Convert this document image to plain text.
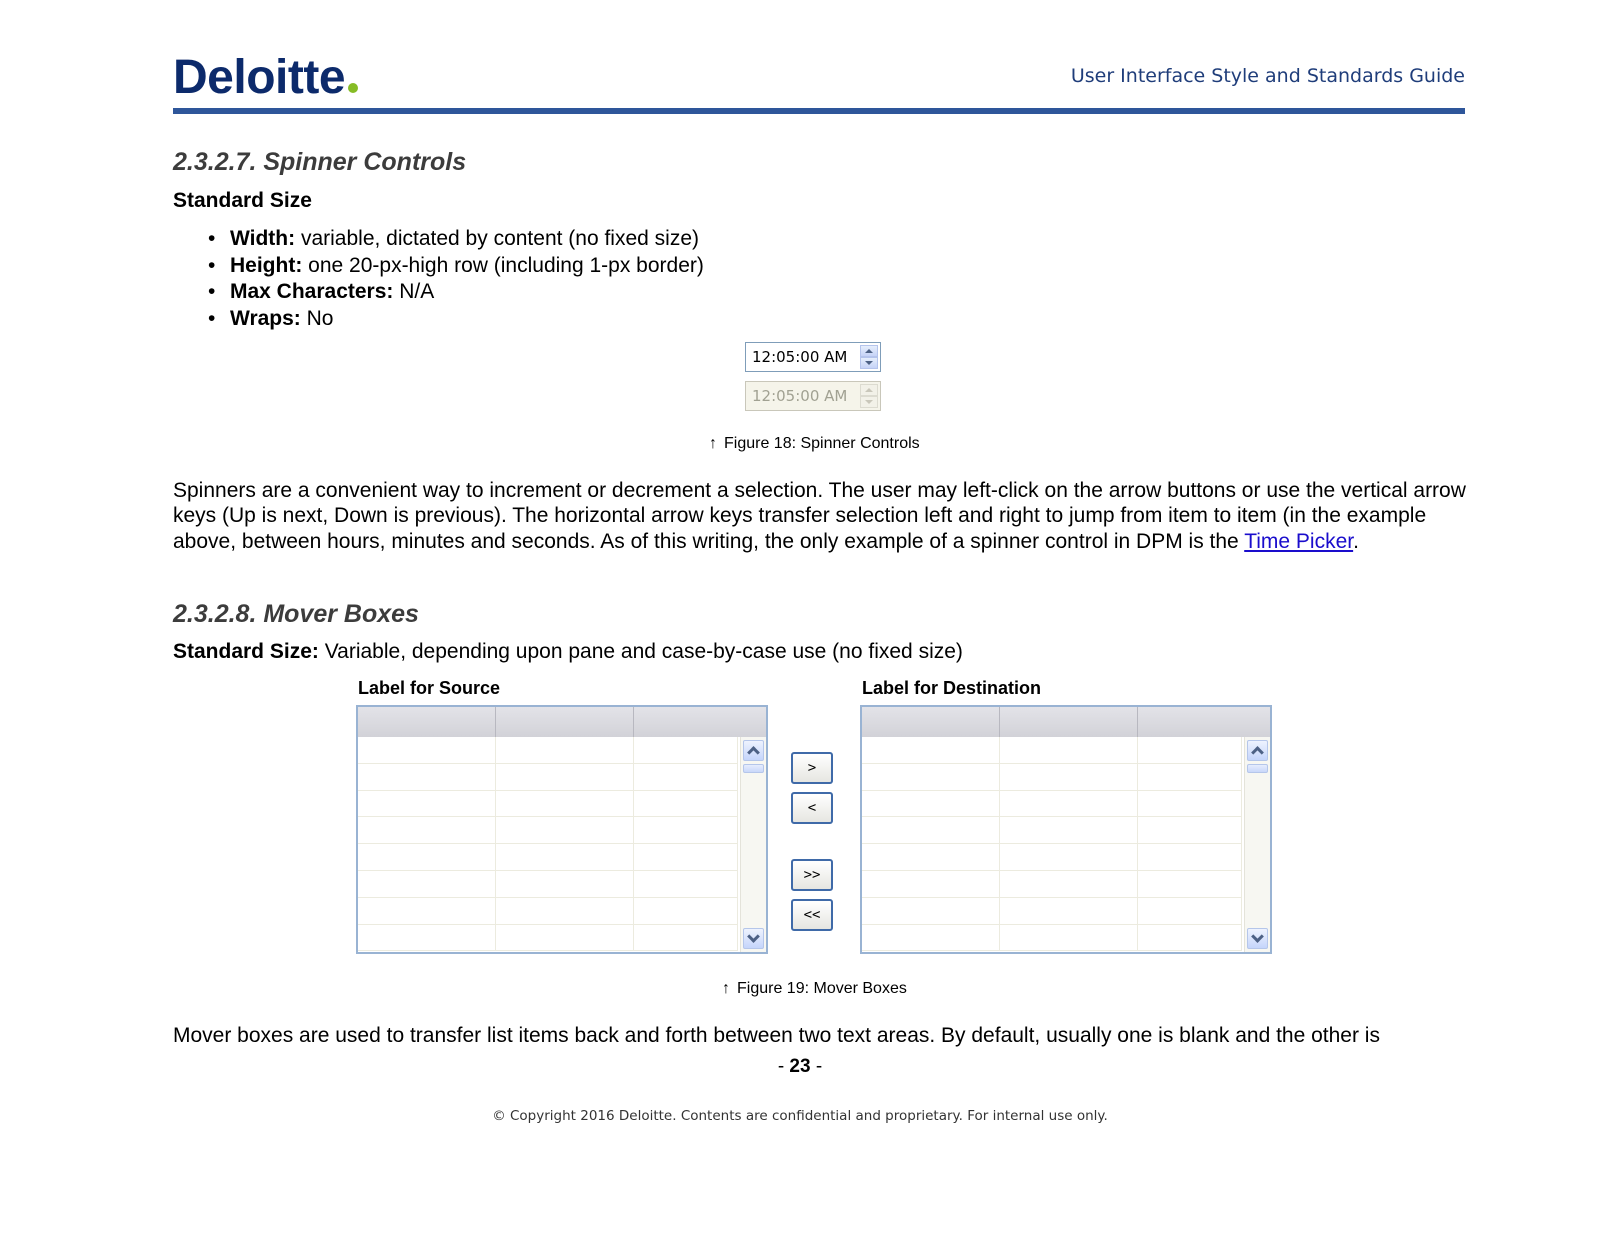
Deloitte	User Interface Style and Standards Guide
2.3.2.7. Spinner Controls
Standard Size
• Width: variable, dictated by content (no fixed size)
• Height: one 20-px-high row (including 1-px border)
• Max Characters: N/A
• Wraps: No
12:05:00 AM
12:05:00 AM
↑ Figure 18: Spinner Controls
Spinners are a convenient way to increment or decrement a selection. The user may left-click on the arrow buttons or use the vertical arrow keys (Up is next, Down is previous). The horizontal arrow keys transfer selection left and right to jump from item to item (in the example above, between hours, minutes and seconds. As of this writing, the only example of a spinner control in DPM is the Time Picker.
2.3.2.8. Mover Boxes
Standard Size: Variable, depending upon pane and case-by-case use (no fixed size)
Label for Source	Label for Destination
>
<
>>
<<
↑ Figure 19: Mover Boxes
Mover boxes are used to transfer list items back and forth between two text areas. By default, usually one is blank and the other is
- 23 -
© Copyright 2016 Deloitte. Contents are confidential and proprietary. For internal use only.
